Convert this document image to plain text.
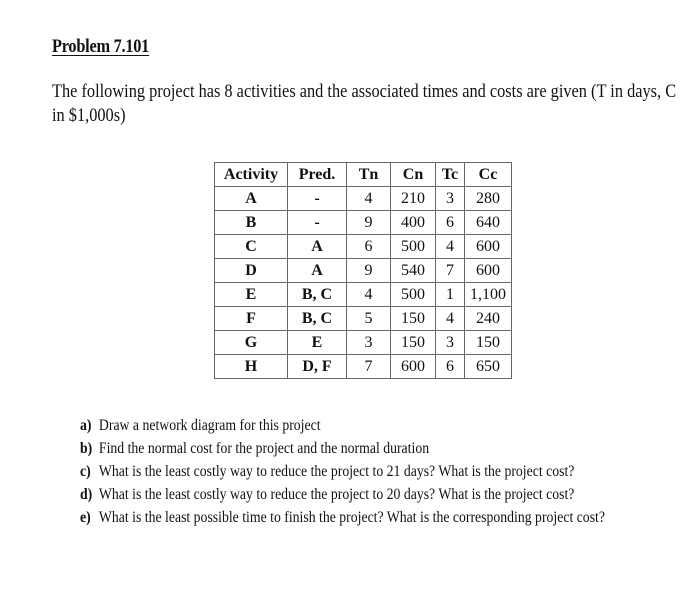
Problem 7.101
The following project has 8 activities and the associated times and costs are given (T in days, C
in $1,000s)
Activity	Pred.	Tn	Cn	Tc	Cc
A	-	4	210	3	280
B	-	9	400	6	640
C	A	6	500	4	600
D	A	9	540	7	600
E	B, C	4	500	1	1,100
F	B, C	5	150	4	240
G	E	3	150	3	150
H	D, F	7	600	6	650
a) Draw a network diagram for this project
b) Find the normal cost for the project and the normal duration
c) What is the least costly way to reduce the project to 21 days? What is the project cost?
d) What is the least costly way to reduce the project to 20 days? What is the project cost?
e) What is the least possible time to finish the project? What is the corresponding project cost?
